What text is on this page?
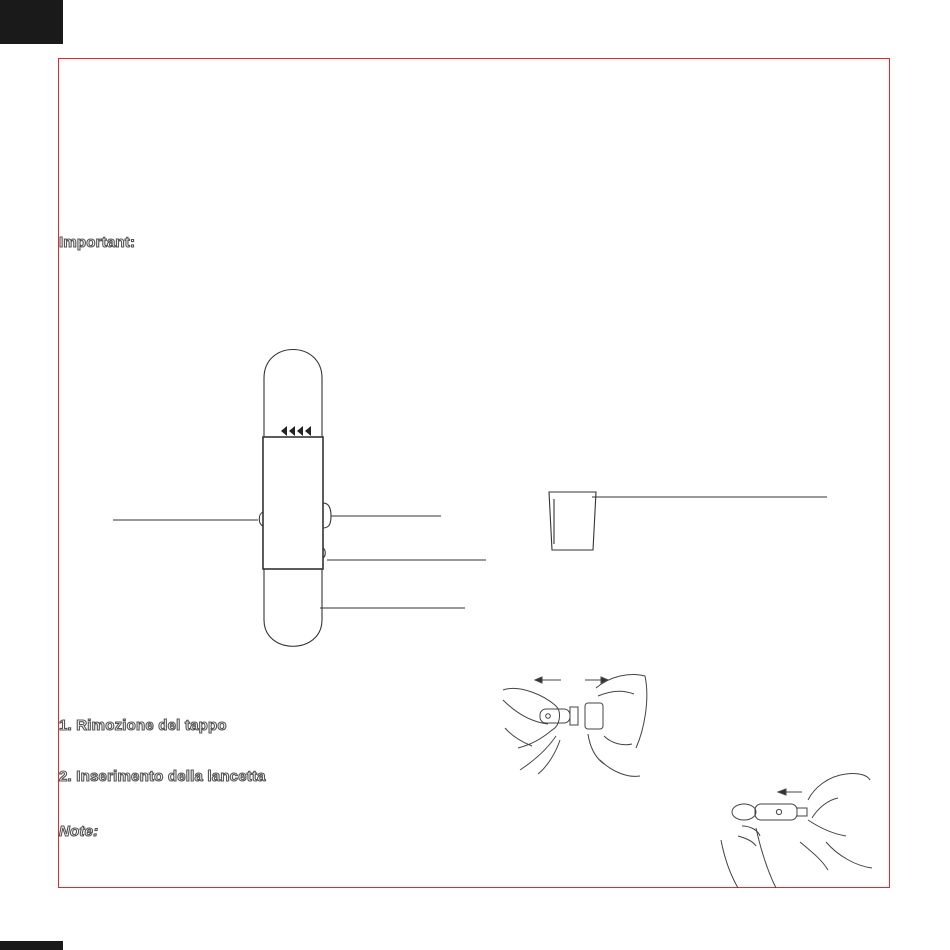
Important:
1. Rimozione del tappo
2. Inserimento della lancetta
Note:
